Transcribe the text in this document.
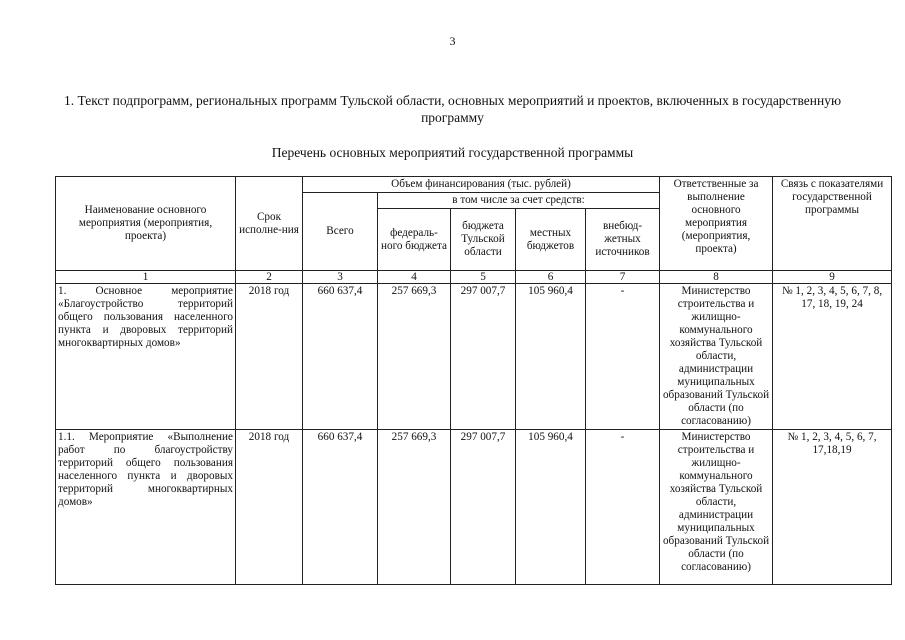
3
1. Текст подпрограмм, региональных программ Тульской области, основных мероприятий и проектов, включенных в государственную программу
Перечень основных мероприятий государственной программы
Наименование основного мероприятия (мероприятия, проекта)	Срок исполне-ния	Объем финансирования (тыс. рублей)					Ответственные за выполнение основного мероприятия (мероприятия, проекта)	Связь с показателями государственной программы
		Всего	в том числе за счет средств:					
			федераль-ного бюджета	бюджета Тульской области	местных бюджетов	внебюд-жетных источников		
1	2	3	4	5	6	7	8	9
1. Основное мероприятие «Благоустройство территорий общего пользования населенного пункта и дворовых территорий многоквартирных домов»	2018 год	660 637,4	257 669,3	297 007,7	105 960,4	-	Министерство строительства и жилищно-коммунального хозяйства Тульской области, администрации муниципальных образований Тульской области (по согласованию)	№ 1, 2, 3, 4, 5, 6, 7, 8, 17, 18, 19, 24
1.1. Мероприятие «Выполнение работ по благоустройству территорий общего пользования населенного пункта и дворовых территорий многоквартирных домов»	2018 год	660 637,4	257 669,3	297 007,7	105 960,4	-	Министерство строительства и жилищно-коммунального хозяйства Тульской области, администрации муниципальных образований Тульской области (по согласованию)	№ 1, 2, 3, 4, 5, 6, 7, 17,18,19
